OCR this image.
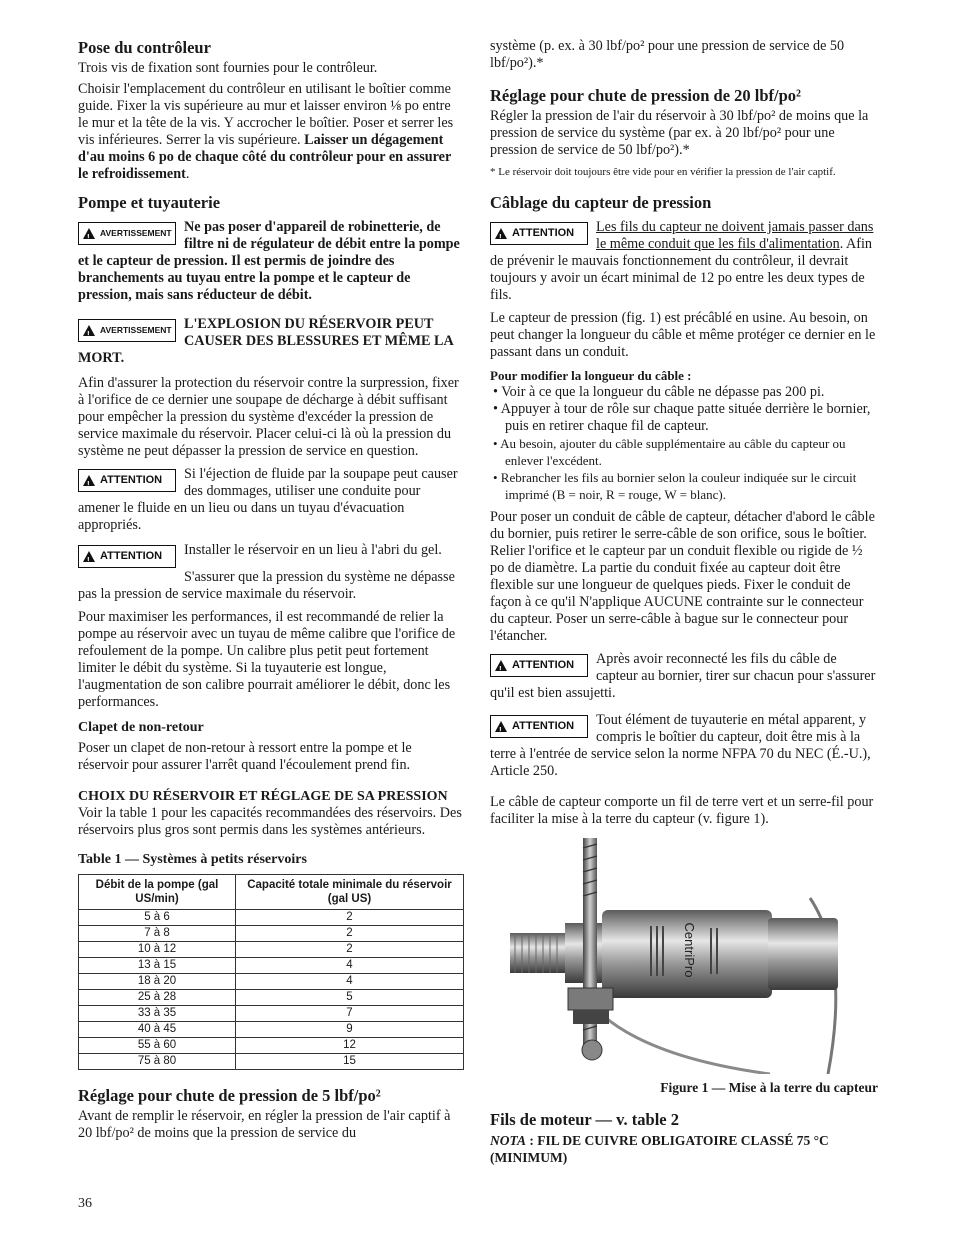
Pose du contrôleur

Trois vis de fixation sont fournies pour le contrôleur.

Choisir l'emplacement du contrôleur en utilisant le boîtier comme guide. Fixer la vis supérieure au mur et laisser environ ⅛ po entre le mur et la tête de la vis. Y accrocher le boîtier. Poser et serrer les vis inférieures. Serrer la vis supérieure. Laisser un dégagement d'au moins 6 po de chaque côté du contrôleur pour en assurer le refroidissement.

Pompe et tuyauterie
!
AVERTISSEMENT Ne pas poser d'appareil de robinetterie, de filtre ni de régulateur de débit entre la pompe et le capteur de pression. Il est permis de joindre des branchements au tuyau entre la pompe et le capteur de pression, mais sans réducteur de débit.
!
AVERTISSEMENT L'EXPLOSION DU RÉSERVOIR PEUT CAUSER DES BLESSURES ET MÊME LA MORT.

Afin d'assurer la protection du réservoir contre la surpression, fixer à l'orifice de ce dernier une soupape de décharge à débit suffisant pour empêcher la pression du système d'excéder la pression de service maximale du réservoir. Placer celui-ci là où la pression du système ne peut dépasser la pression de service en question.

!
ATTENTION Si l'éjection de fluide par la soupape peut causer des dommages, utiliser une conduite pour amener le fluide en un lieu ou dans un tuyau d'évacuation appropriés.
!
ATTENTION Installer le réservoir en un lieu à l'abri du gel.

S'assurer que la pression du système ne dépasse pas la pression de service maximale du réservoir.

Pour maximiser les performances, il est recommandé de relier la pompe au réservoir avec un tuyau de même calibre que l'orifice de refoulement de la pompe. Un calibre plus petit peut fortement limiter le débit du système. Si la tuyauterie est longue, l'augmentation de son calibre pourrait améliorer le débit, donc les performances.

Clapet de non-retour

Poser un clapet de non-retour à ressort entre la pompe et le réservoir pour assurer l'arrêt quand l'écoulement prend fin.

CHOIX DU RÉSERVOIR ET RÉGLAGE DE SA PRESSION

Voir la table 1 pour les capacités recommandées des réservoirs. Des réservoirs plus gros sont permis dans les systèmes antérieurs.

Table 1 — Systèmes à petits réservoirs
Débit de la pompe (gal US/min)	Capacité totale minimale du réservoir (gal US)
5 à 6	2
7 à 8	2
10 à 12	2
13 à 15	4
18 à 20	4
25 à 28	5
33 à 35	7
40 à 45	9
55 à 60	12
75 à 80	15
Réglage pour chute de pression de 5 lbf/po²

Avant de remplir le réservoir, en régler la pression de l'air captif à 20 lbf/po² de moins que la pression de service du

système (p. ex. à 30 lbf/po² pour une pression de service de 50 lbf/po²).*

Réglage pour chute de pression de 20 lbf/po²

Régler la pression de l'air du réservoir à 30 lbf/po² de moins que la pression de service du système (par ex. à 20 lbf/po² pour une pression de service de 50 lbf/po²).*

* Le réservoir doit toujours être vide pour en vérifier la pression de l'air captif.

Câblage du capteur de pression
!
ATTENTION Les fils du capteur ne doivent jamais passer dans le même conduit que les fils d'alimentation. Afin de prévenir le mauvais fonctionnement du contrôleur, il devrait toujours y avoir un écart minimal de 12 po entre les deux types de fils.

Le capteur de pression (fig. 1) est précâblé en usine. Au besoin, on peut changer la longueur du câble et même protéger ce dernier en le passant dans un conduit.

Pour modifier la longueur du câble :
• Voir à ce que la longueur du câble ne dépasse pas 200 pi.
• Appuyer à tour de rôle sur chaque patte située derrière le bornier, puis en retirer chaque fil de capteur.
• Au besoin, ajouter du câble supplémentaire au câble du capteur ou enlever l'excédent.
• Rebrancher les fils au bornier selon la couleur indiquée sur le circuit imprimé (B = noir, R = rouge, W = blanc).

Pour poser un conduit de câble de capteur, détacher d'abord le câble du bornier, puis retirer le serre-câble de son orifice, sous le boîtier. Relier l'orifice et le capteur par un conduit flexible ou rigide de ½ po de diamètre. La partie du conduit fixée au capteur doit être flexible sur une longueur de quelques pieds. Fixer le conduit de façon à ce qu'il N'applique AUCUNE contrainte sur le connecteur du capteur. Poser un serre-câble à bague sur le connecteur pour l'étancher.

!
ATTENTION Après avoir reconnecté les fils du câble de capteur au bornier, tirer sur chacun pour s'assurer qu'il est bien assujetti.
!
ATTENTION Tout élément de tuyauterie en métal apparent, y compris le boîtier du capteur, doit être mis à la terre à l'entrée de service selon la norme NFPA 70 du NEC (É.-U.), Article 250.

Le câble de capteur comporte un fil de terre vert et un serre-fil pour faciliter la mise à la terre du capteur (v. figure 1).

CentriPro
Figure 1 — Mise à la terre du capteur
Fils de moteur — v. table 2

NOTA : FIL DE CUIVRE OBLIGATOIRE CLASSÉ 75 °C (MINIMUM)

36
